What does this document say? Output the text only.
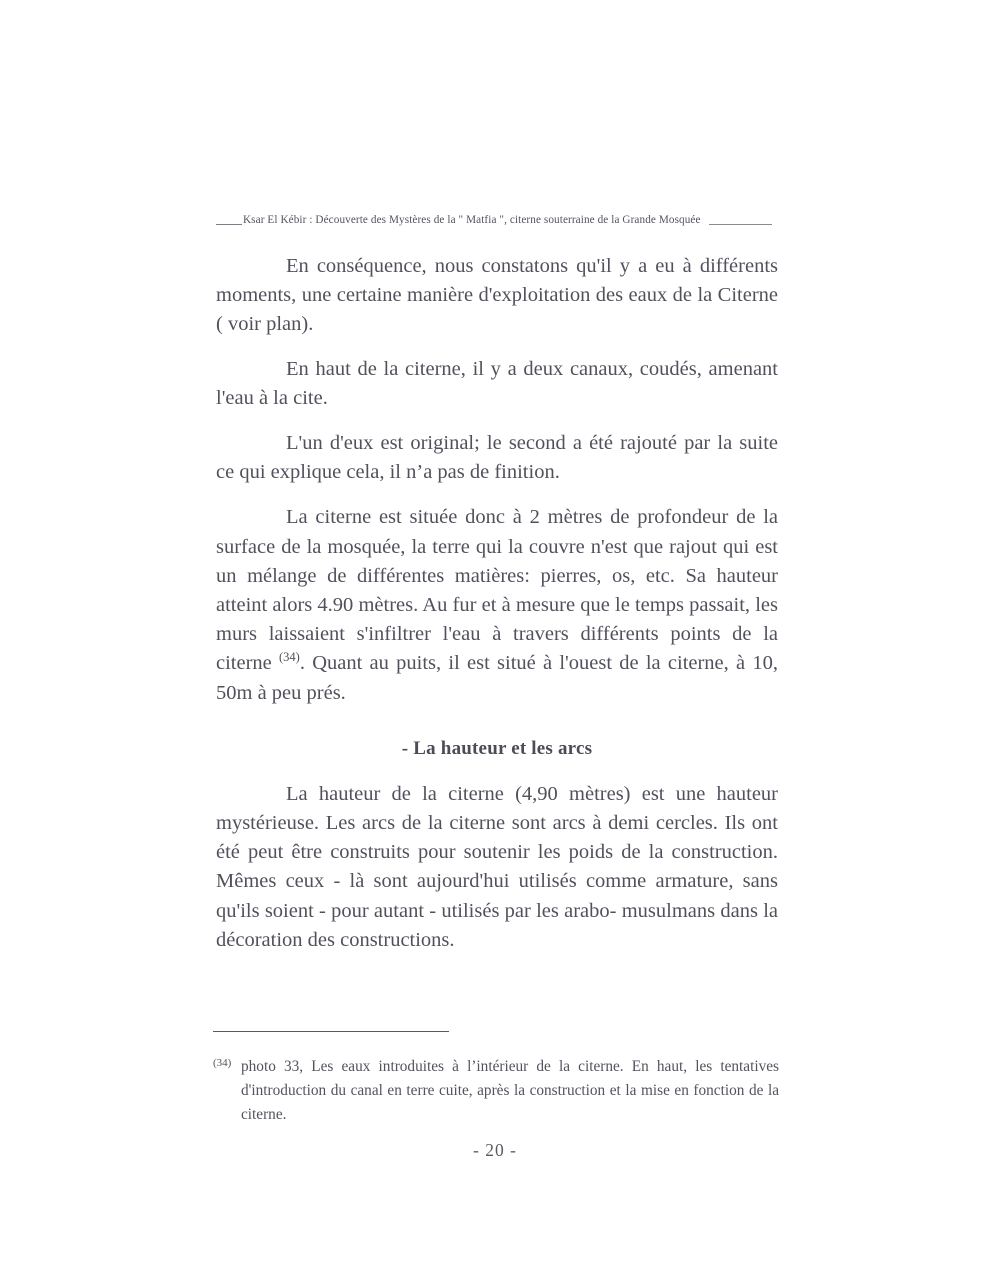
Ksar El Kébir : Découverte des Mystères de la " Matfia ", citerne souterraine de la Grande Mosquée

En conséquence, nous constatons qu'il y a eu à différents moments, une certaine manière d'exploitation des eaux de la Citerne ( voir plan).

En haut de la citerne, il y a deux canaux, coudés, amenant l'eau à la cite.

L'un d'eux est original; le second a été rajouté par la suite ce qui explique cela, il n’a pas de finition.

La citerne est située donc à 2 mètres de profondeur de la surface de la mosquée, la terre qui la couvre n'est que rajout qui est un mélange de différentes matières: pierres, os, etc. Sa hauteur atteint alors 4.90 mètres. Au fur et à mesure que le temps passait, les murs laissaient s'infiltrer l'eau à travers différents points de la citerne $^{(34)}$. Quant au puits, il est situé à l'ouest de la citerne, à 10, 50m à peu prés.

- La hauteur et les arcs

La hauteur de la citerne (4,90 mètres) est une hauteur mystérieuse. Les arcs de la citerne sont arcs à demi cercles. Ils ont été peut être construits pour soutenir les poids de la construction. Mêmes ceux - là sont aujourd'hui utilisés comme armature, sans qu'ils soient - pour autant - utilisés par les arabo- musulmans dans la décoration des constructions.

(34) photo 33, Les eaux introduites à l’intérieur de la citerne. En haut, les tentatives d'introduction du canal en terre cuite, après la construction et la mise en fonction de la citerne.
- 20 -
